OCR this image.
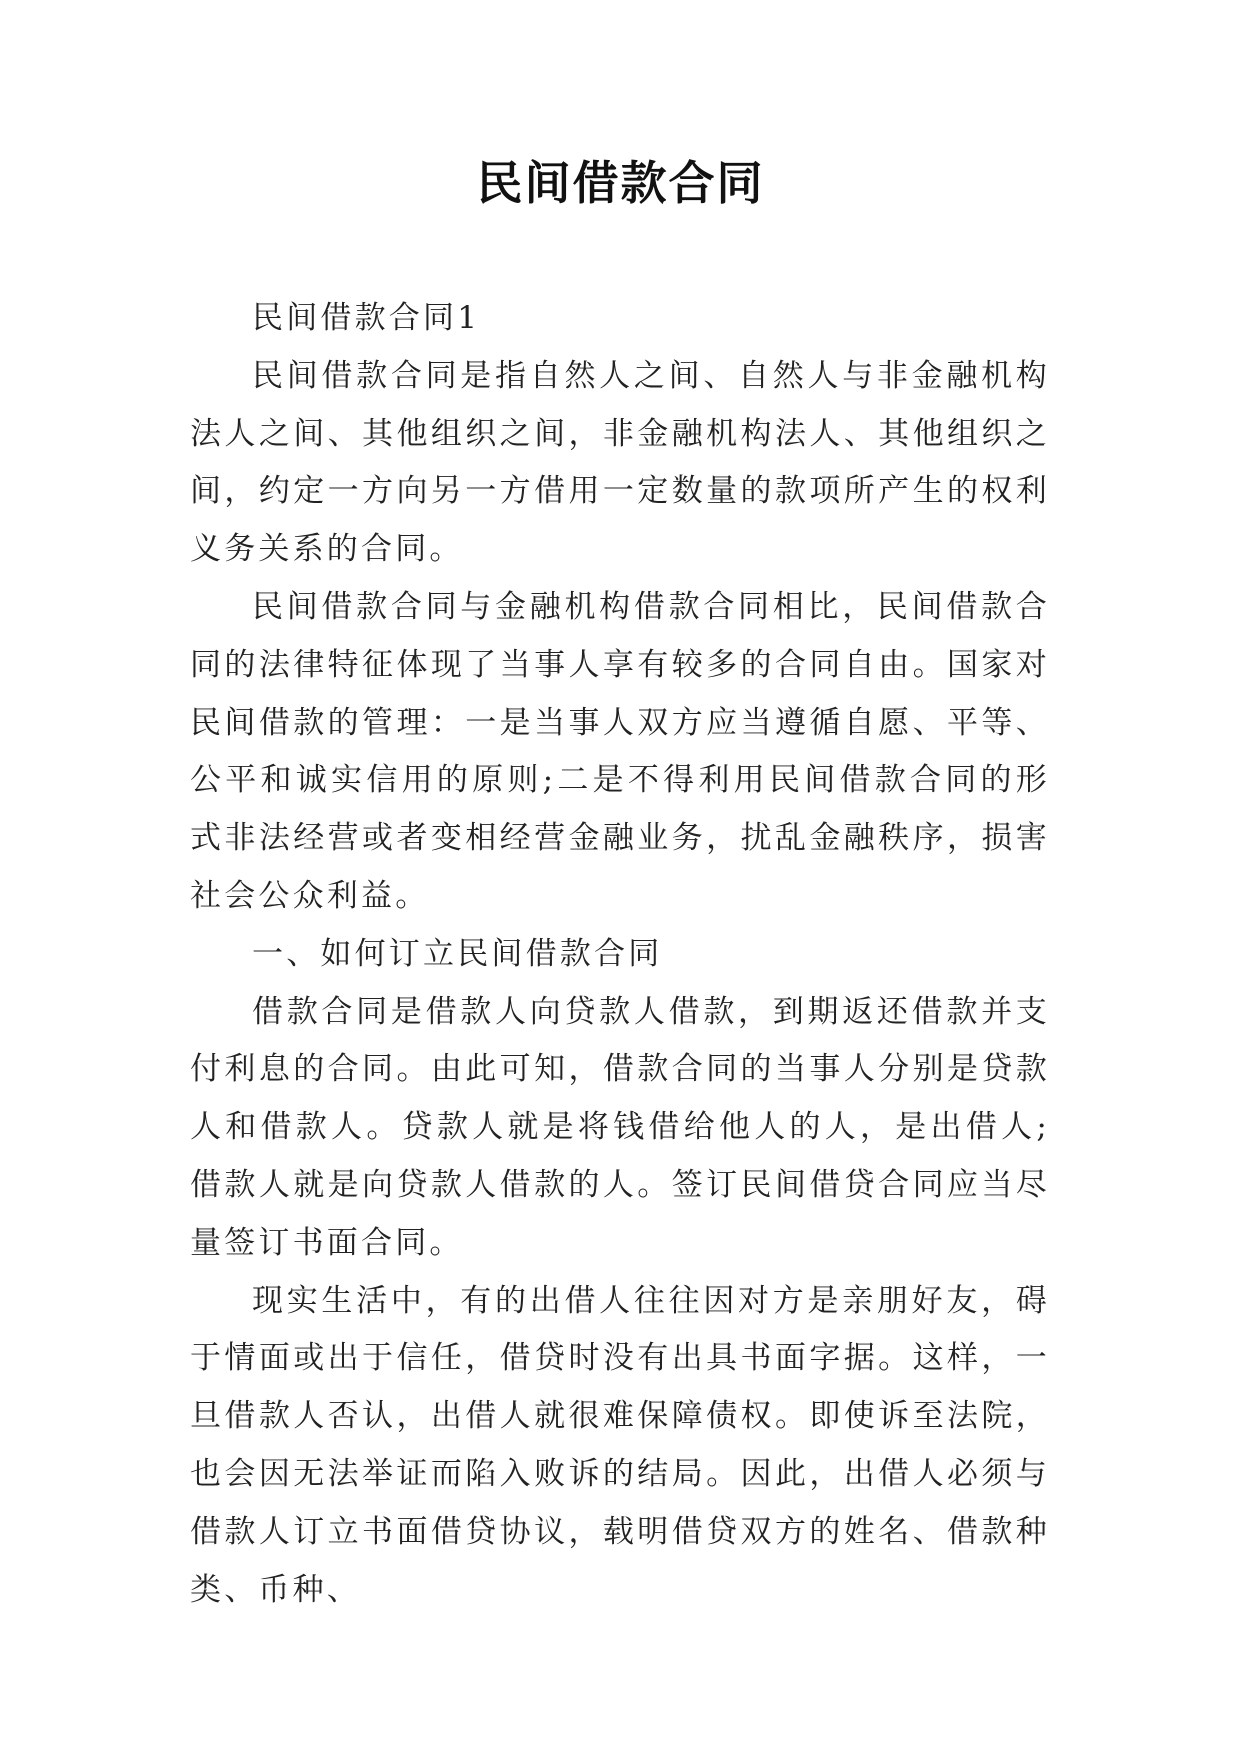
民间借款合同

民间借款合同1

民间借款合同是指自然人之间、自然人与非金融机构法人之间、其他组织之间，非金融机构法人、其他组织之间，约定一方向另一方借用一定数量的款项所产生的权利义务关系的合同。

民间借款合同与金融机构借款合同相比，民间借款合同的法律特征体现了当事人享有较多的合同自由。国家对民间借款的管理：一是当事人双方应当遵循自愿、平等、公平和诚实信用的原则;二是不得利用民间借款合同的形式非法经营或者变相经营金融业务，扰乱金融秩序，损害社会公众利益。

一、如何订立民间借款合同

借款合同是借款人向贷款人借款，到期返还借款并支付利息的合同。由此可知，借款合同的当事人分别是贷款人和借款人。贷款人就是将钱借给他人的人，是出借人;借款人就是向贷款人借款的人。签订民间借贷合同应当尽量签订书面合同。

现实生活中，有的出借人往往因对方是亲朋好友，碍于情面或出于信任，借贷时没有出具书面字据。这样，一旦借款人否认，出借人就很难保障债权。即使诉至法院，也会因无法举证而陷入败诉的结局。因此，出借人必须与借款人订立书面借贷协议，载明借贷双方的姓名、借款种类、币种、
